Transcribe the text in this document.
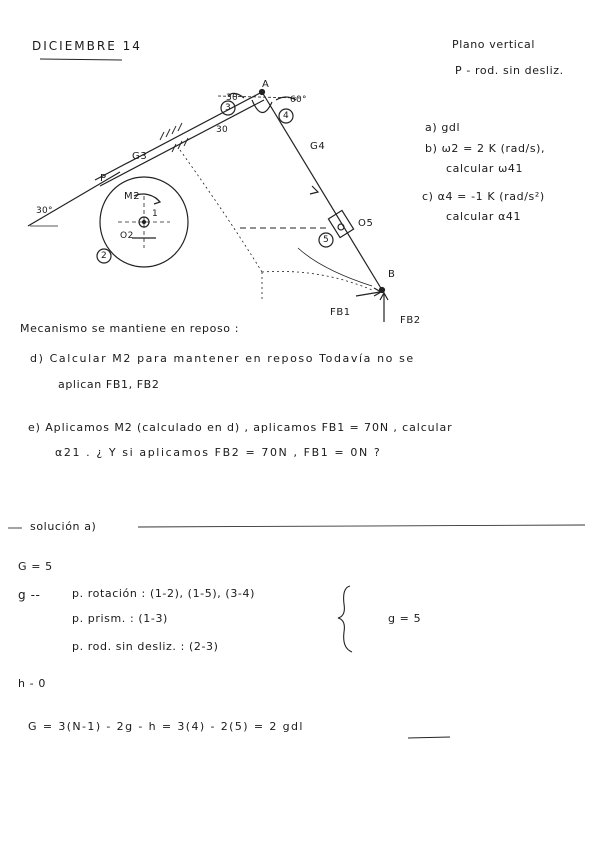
DICIEMBRE 14	Plano vertical
P - rod. sin desliz.
A
B
P
G3
G4
M2
O2
O5
30°
30
30
60°
3
4
2
5
1
FB1
FB2
a) gdl
b) ω2 = 2 K (rad/s),
calcular ω41
c) α4 = -1 K (rad/s²)
calcular α41
Mecanismo se mantiene en reposo :
d) Calcular M2 para mantener en reposo Todavía no se
aplican FB1, FB2
e) Aplicamos M2 (calculado en d) , aplicamos FB1 = 70N , calcular
α21 . ¿ Y si aplicamos FB2 = 70N , FB1 = 0N ?
solución a)
G = 5
g --	p. rotación : (1-2), (1-5), (3-4)
p. prism. : (1-3)
p. rod. sin desliz. : (2-3)
g = 5
h - 0
G = 3(N-1) - 2g - h = 3(4) - 2(5) = 2 gdl
